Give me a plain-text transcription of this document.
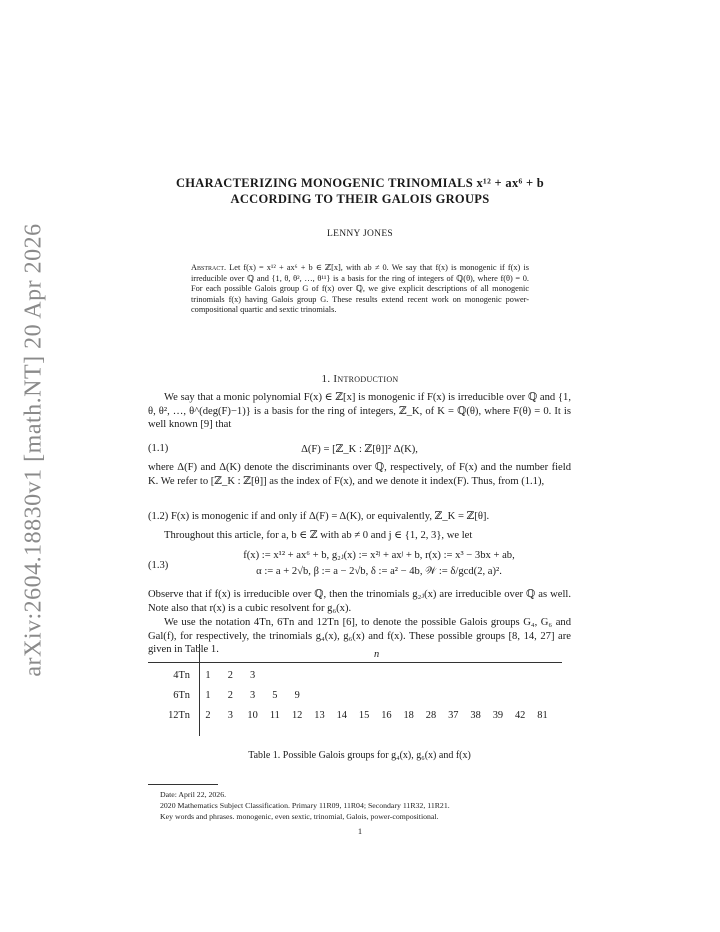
arXiv:2604.18830v1 [math.NT] 20 Apr 2026
CHARACTERIZING MONOGENIC TRINOMIALS x¹² + ax⁶ + b
ACCORDING TO THEIR GALOIS GROUPS
LENNY JONES
Abstract. Let f(x) = x¹² + ax⁶ + b ∈ ℤ[x], with ab ≠ 0. We say that f(x) is monogenic if f(x) is irreducible over ℚ and {1, θ, θ², …, θ¹¹} is a basis for the ring of integers of ℚ(θ), where f(θ) = 0. For each possible Galois group G of f(x) over ℚ, we give explicit descriptions of all monogenic trinomials f(x) having Galois group G. These results extend recent work on monogenic power-compositional quartic and sextic trinomials.
1. Introduction
We say that a monic polynomial F(x) ∈ ℤ[x] is monogenic if F(x) is irreducible over ℚ and {1, θ, θ², …, θ^(deg(F)−1)} is a basis for the ring of integers, ℤ_K, of K = ℚ(θ), where F(θ) = 0. It is well known [9] that
(1.1)	Δ(F) = [ℤ_K : ℤ[θ]]² Δ(K),
where Δ(F) and Δ(K) denote the discriminants over ℚ, respectively, of F(x) and the number field K. We refer to [ℤ_K : ℤ[θ]] as the index of F(x), and we denote it index(F). Thus, from (1.1),
(1.2) F(x) is monogenic if and only if Δ(F) = Δ(K), or equivalently, ℤ_K = ℤ[θ].
Throughout this article, for a, b ∈ ℤ with ab ≠ 0 and j ∈ {1, 2, 3}, we let
(1.3)
f(x) := x¹² + ax⁶ + b, g₂ⱼ(x) := x²ʲ + axʲ + b, r(x) := x³ − 3bx + ab,
α := a + 2√b, β := a − 2√b, δ := a² − 4b, 𝒲 := δ/gcd(2, a)².
Observe that if f(x) is irreducible over ℚ, then the trinomials g₂ⱼ(x) are irreducible over ℚ as well. Note also that r(x) is a cubic resolvent for g₆(x).
We use the notation 4Tn, 6Tn and 12Tn [6], to denote the possible Galois groups G₄, G₆ and Gal(f), for respectively, the trinomials g₄(x), g₆(x) and f(x). These possible groups [8, 14, 27] are given in Table 1.	n
4Tn	1	2	3
6Tn	1	2	3	5	9
12Tn	2	3	10	11	12	13	14	15	16	18	28	37	38	39	42	81
Table 1. Possible Galois groups for g₄(x), g₆(x) and f(x)
Date: April 22, 2026.
2020 Mathematics Subject Classification. Primary 11R09, 11R04; Secondary 11R32, 11R21.
Key words and phrases. monogenic, even sextic, trinomial, Galois, power-compositional.
1
